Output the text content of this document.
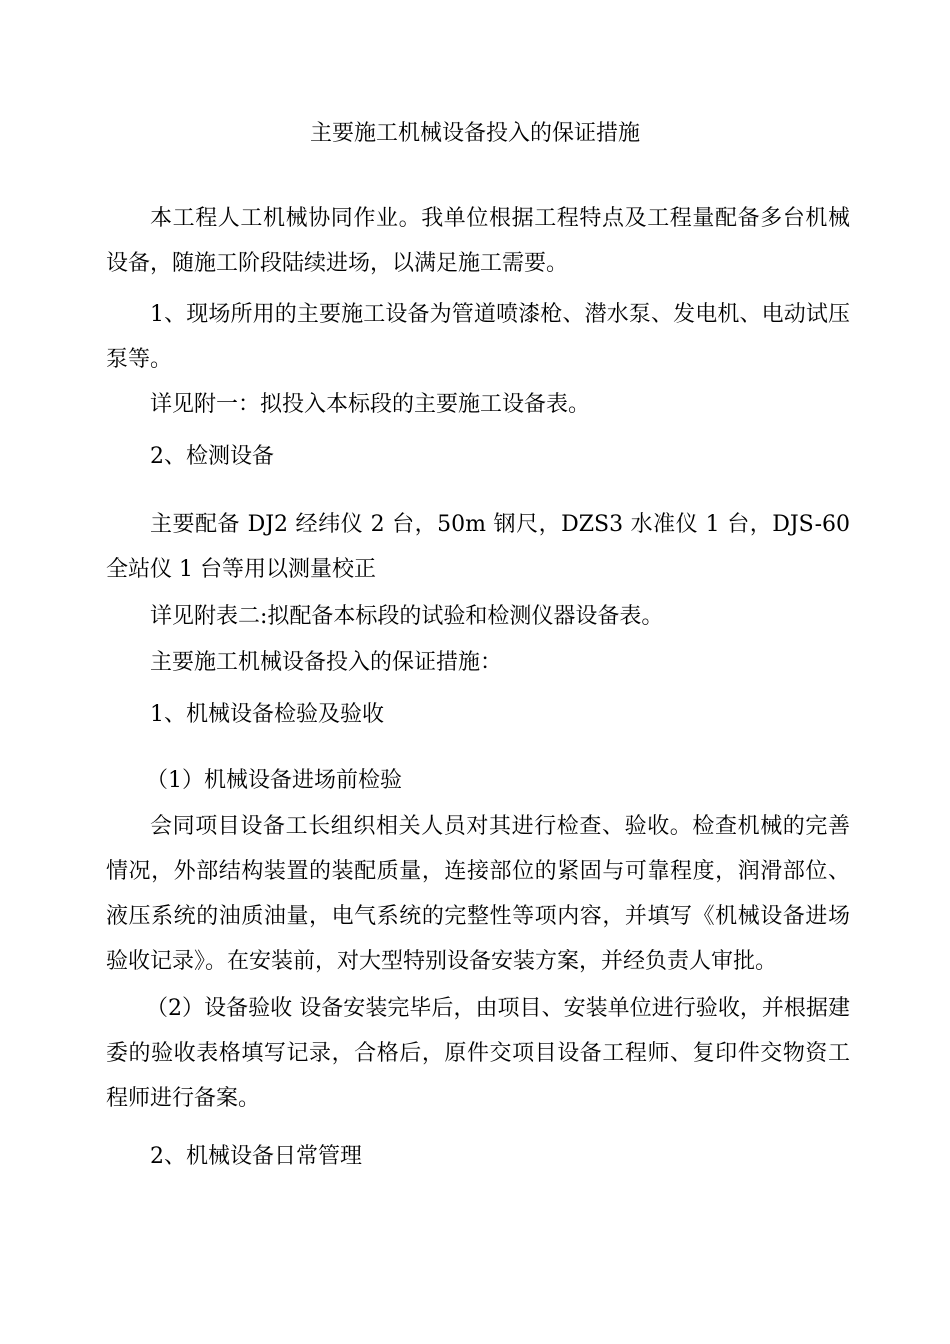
主要施工机械设备投入的保证措施

本工程人工机械协同作业。我单位根据工程特点及工程量配备多台机械设备，随施工阶段陆续进场，以满足施工需要。

1、现场所用的主要施工设备为管道喷漆枪、潜水泵、发电机、电动试压泵等。

详见附一：拟投入本标段的主要施工设备表。

2、检测设备

主要配备 DJ2 经纬仪 2 台，50m 钢尺，DZS3 水准仪 1 台，DJS-60 全站仪 1 台等用以测量校正

详见附表二:拟配备本标段的试验和检测仪器设备表。

主要施工机械设备投入的保证措施：

1、机械设备检验及验收

（1）机械设备进场前检验

会同项目设备工长组织相关人员对其进行检查、验收。检查机械的完善情况，外部结构装置的装配质量，连接部位的紧固与可靠程度，润滑部位、液压系统的油质油量，电气系统的完整性等项内容，并填写《机械设备进场验收记录》。在安装前，对大型特别设备安装方案，并经负责人审批。

（2）设备验收 设备安装完毕后，由项目、安装单位进行验收，并根据建委的验收表格填写记录，合格后，原件交项目设备工程师、复印件交物资工程师进行备案。

2、机械设备日常管理
